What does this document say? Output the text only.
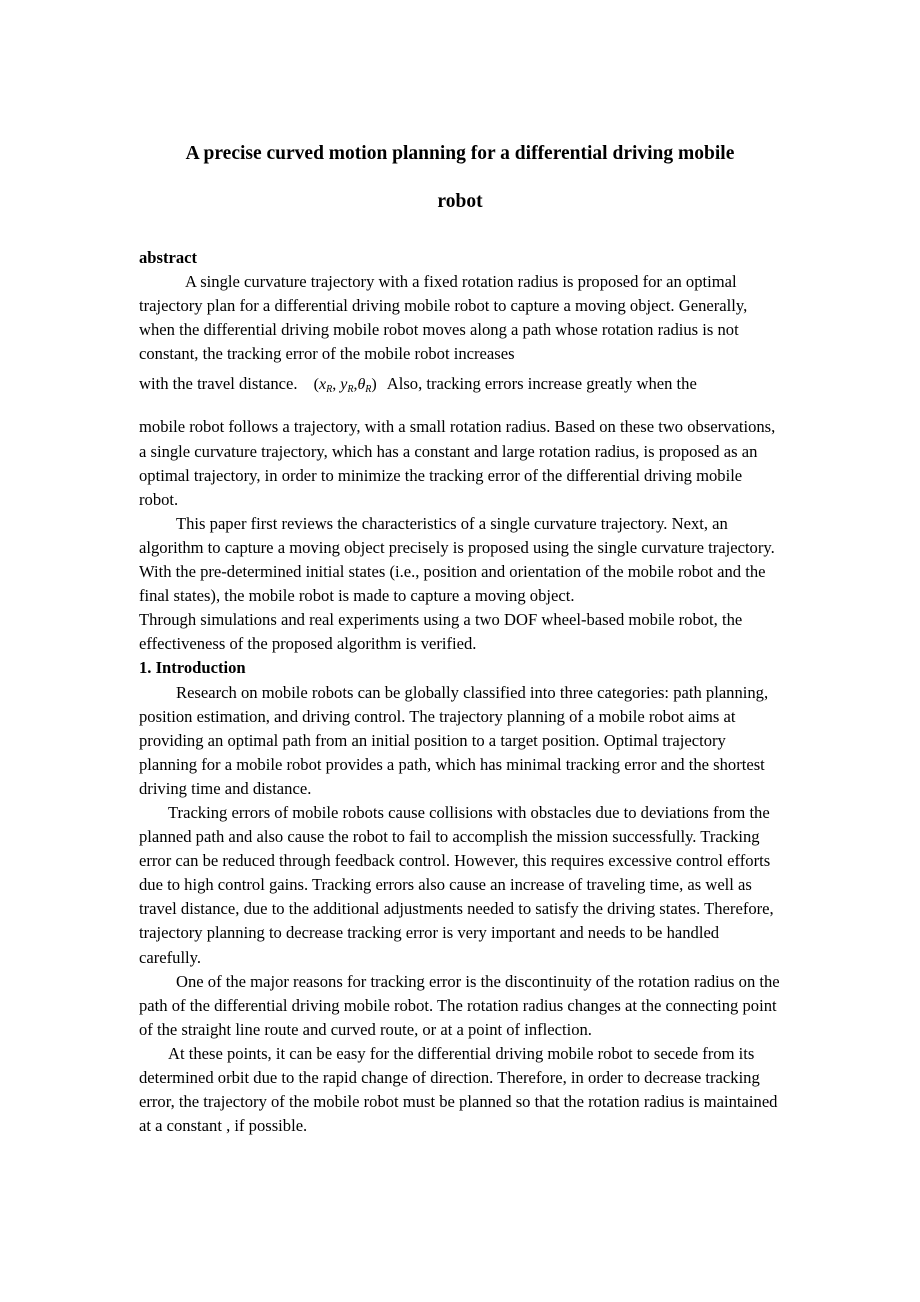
A precise curved motion planning for a differential driving mobile
robot

abstract

A single curvature trajectory with a fixed rotation radius is proposed for an optimal trajectory plan for a differential driving mobile robot to capture a moving object. Generally, when the differential driving mobile robot moves along a path whose rotation radius is not constant, the tracking error of the mobile robot increases

with the travel distance. ($x_R$, $y_R,\theta_R$) Also, tracking errors increase greatly when the

mobile robot follows a trajectory, with a small rotation radius. Based on these two observations, a single curvature trajectory, which has a constant and large rotation radius, is proposed as an optimal trajectory, in order to minimize the tracking error of the differential driving mobile robot.

This paper first reviews the characteristics of a single curvature trajectory. Next, an algorithm to capture a moving object precisely is proposed using the single curvature trajectory. With the pre-determined initial states (i.e., position and orientation of the mobile robot and the final states), the mobile robot is made to capture a moving object.

Through simulations and real experiments using a two DOF wheel-based mobile robot, the effectiveness of the proposed algorithm is verified.

1. Introduction

Research on mobile robots can be globally classified into three categories: path planning, position estimation, and driving control. The trajectory planning of a mobile robot aims at providing an optimal path from an initial position to a target position. Optimal trajectory planning for a mobile robot provides a path, which has minimal tracking error and the shortest driving time and distance.

Tracking errors of mobile robots cause collisions with obstacles due to deviations from the planned path and also cause the robot to fail to accomplish the mission successfully. Tracking error can be reduced through feedback control. However, this requires excessive control efforts due to high control gains. Tracking errors also cause an increase of traveling time, as well as travel distance, due to the additional adjustments needed to satisfy the driving states. Therefore, trajectory planning to decrease tracking error is very important and needs to be handled carefully.

One of the major reasons for tracking error is the discontinuity of the rotation radius on the path of the differential driving mobile robot. The rotation radius changes at the connecting point of the straight line route and curved route, or at a point of inflection.

At these points, it can be easy for the differential driving mobile robot to secede from its determined orbit due to the rapid change of direction. Therefore, in order to decrease tracking error, the trajectory of the mobile robot must be planned so that the rotation radius is maintained at a constant , if possible.
